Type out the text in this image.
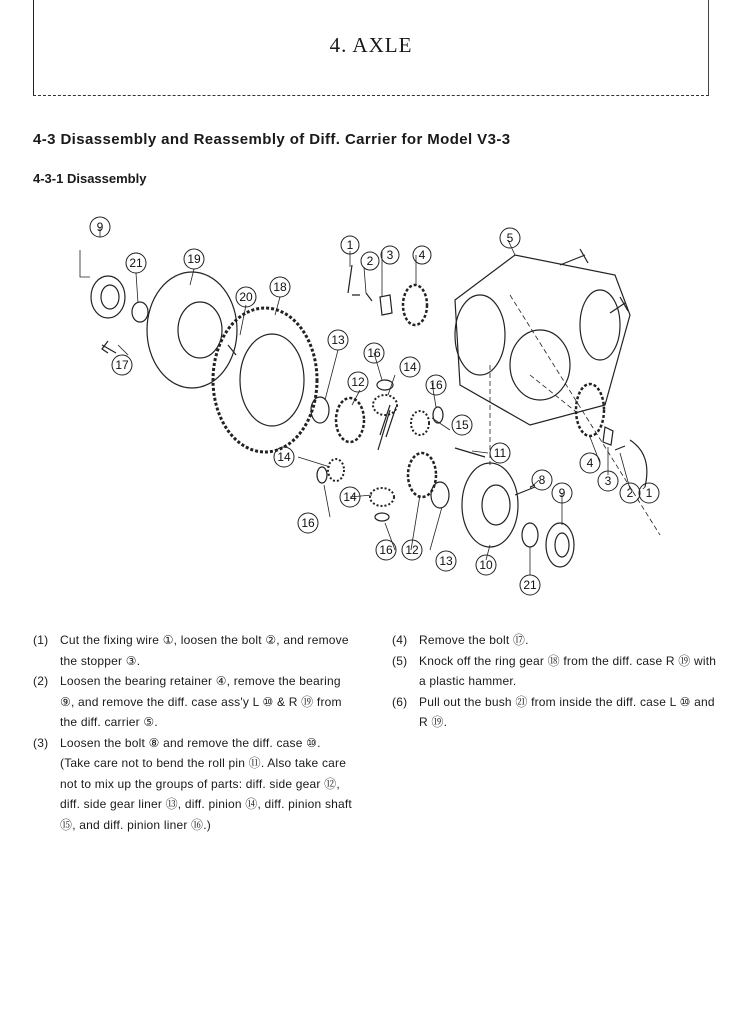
4. AXLE
4-3 Disassembly and Reassembly of Diff. Carrier for Model V3-3
4-3-1 Disassembly
9
21	19
20
18
17
13
12
16
14
16
14
16
14
16
1
2 3 4
5
15
11
8
9
4
3
2 1
12
13 10
21
(1) Cut the fixing wire ①, loosen the bolt ②, and remove the stopper ③.
(2) Loosen the bearing retainer ④, remove the bearing ⑨, and remove the diff. case ass'y L ⑩ & R ⑲ from the diff. carrier ⑤.
(3) Loosen the bolt ⑧ and remove the diff. case ⑩.
(Take care not to bend the roll pin ⑪. Also take care not to mix up the groups of parts: diff. side gear ⑫, diff. side gear liner ⑬, diff. pinion ⑭, diff. pinion shaft ⑮, and diff. pinion liner ⑯.)
(4) Remove the bolt ⑰.
(5) Knock off the ring gear ⑱ from the diff. case R ⑲ with a plastic hammer.
(6) Pull out the bush ㉑ from inside the diff. case L ⑩ and R ⑲.
